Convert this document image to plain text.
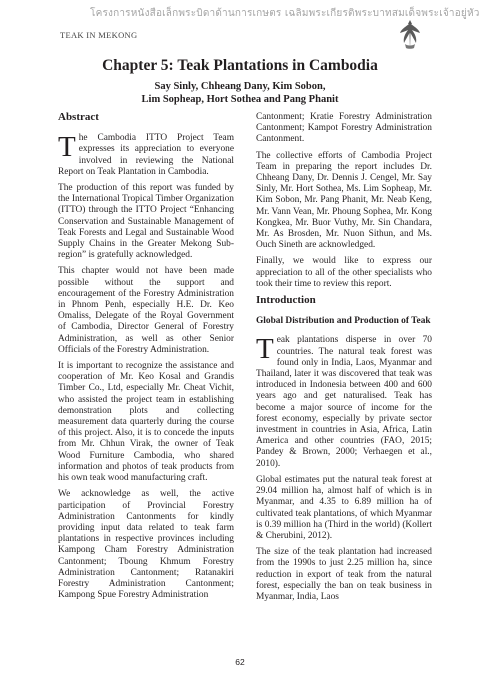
โครงการหนังสือเล็กพระบิดาด้านการเกษตร เฉลิมพระเกียรติพระบาทสมเด็จพระเจ้าอยู่หัว
TEAK IN MEKONG
Chapter 5: Teak Plantations in Cambodia
Say Sinly, Chheang Dany, Kim Sobon,
Lim Sopheap, Hort Sothea and Pang Phanit
Abstract

The Cambodia ITTO Project Team expresses its appreciation to everyone involved in reviewing the National Report on Teak Plantation in Cambodia.

The production of this report was funded by the International Tropical Timber Organization (ITTO) through the ITTO Project “Enhancing Conservation and Sustainable Management of Teak Forests and Legal and Sustainable Wood Supply Chains in the Greater Mekong Sub-region” is gratefully acknowledged.

This chapter would not have been made possible without the support and encouragement of the Forestry Administration in Phnom Penh, especially H.E. Dr. Keo Omaliss, Delegate of the Royal Government of Cambodia, Director General of Forestry Administration, as well as other Senior Officials of the Forestry Administration.

It is important to recognize the assistance and cooperation of Mr. Keo Kosal and Grandis Timber Co., Ltd, especially Mr. Cheat Vichit, who assisted the project team in establishing demonstration plots and collecting measurement data quarterly during the course of this project. Also, it is to concede the inputs from Mr. Chhun Virak, the owner of Teak Wood Furniture Cambodia, who shared information and photos of teak products from his own teak wood manufacturing craft.

We acknowledge as well, the active participation of Provincial Forestry Administration Cantonments for kindly providing input data related to teak farm plantations in respective provinces including Kampong Cham Forestry Administration Cantonment; Tboung Khmum Forestry Administration Cantonment; Ratanakiri Forestry Administration Cantonment; Kampong Spue Forestry Administration

Cantonment; Kratie Forestry Administration Cantonment; Kampot Forestry Administration Cantonment.

The collective efforts of Cambodia Project Team in preparing the report includes Dr. Chheang Dany, Dr. Dennis J. Cengel, Mr. Say Sinly, Mr. Hort Sothea, Ms. Lim Sopheap, Mr. Kim Sobon, Mr. Pang Phanit, Mr. Neab Keng, Mr. Vann Vean, Mr. Phoung Sophea, Mr. Kong Kongkea, Mr. Buor Vuthy, Mr. Sin Chandara, Mr. As Brosden, Mr. Nuon Sithun, and Ms. Ouch Sineth are acknowledged.

Finally, we would like to express our appreciation to all of the other specialists who took their time to review this report.

Introduction
Global Distribution and Production of Teak

Teak plantations disperse in over 70 countries. The natural teak forest was found only in India, Laos, Myanmar and Thailand, later it was discovered that teak was introduced in Indonesia between 400 and 600 years ago and get naturalised. Teak has become a major source of income for the forest economy, especially by private sector investment in countries in Asia, Africa, Latin America and other countries (FAO, 2015; Pandey & Brown, 2000; Verhaegen et al., 2010).

Global estimates put the natural teak forest at 29.04 million ha, almost half of which is in Myanmar, and 4.35 to 6.89 million ha of cultivated teak plantations, of which Myanmar is 0.39 million ha (Third in the world) (Kollert & Cherubini, 2012).

The size of the teak plantation had increased from the 1990s to just 2.25 million ha, since reduction in export of teak from the natural forest, especially the ban on teak business in Myanmar, India, Laos

62
